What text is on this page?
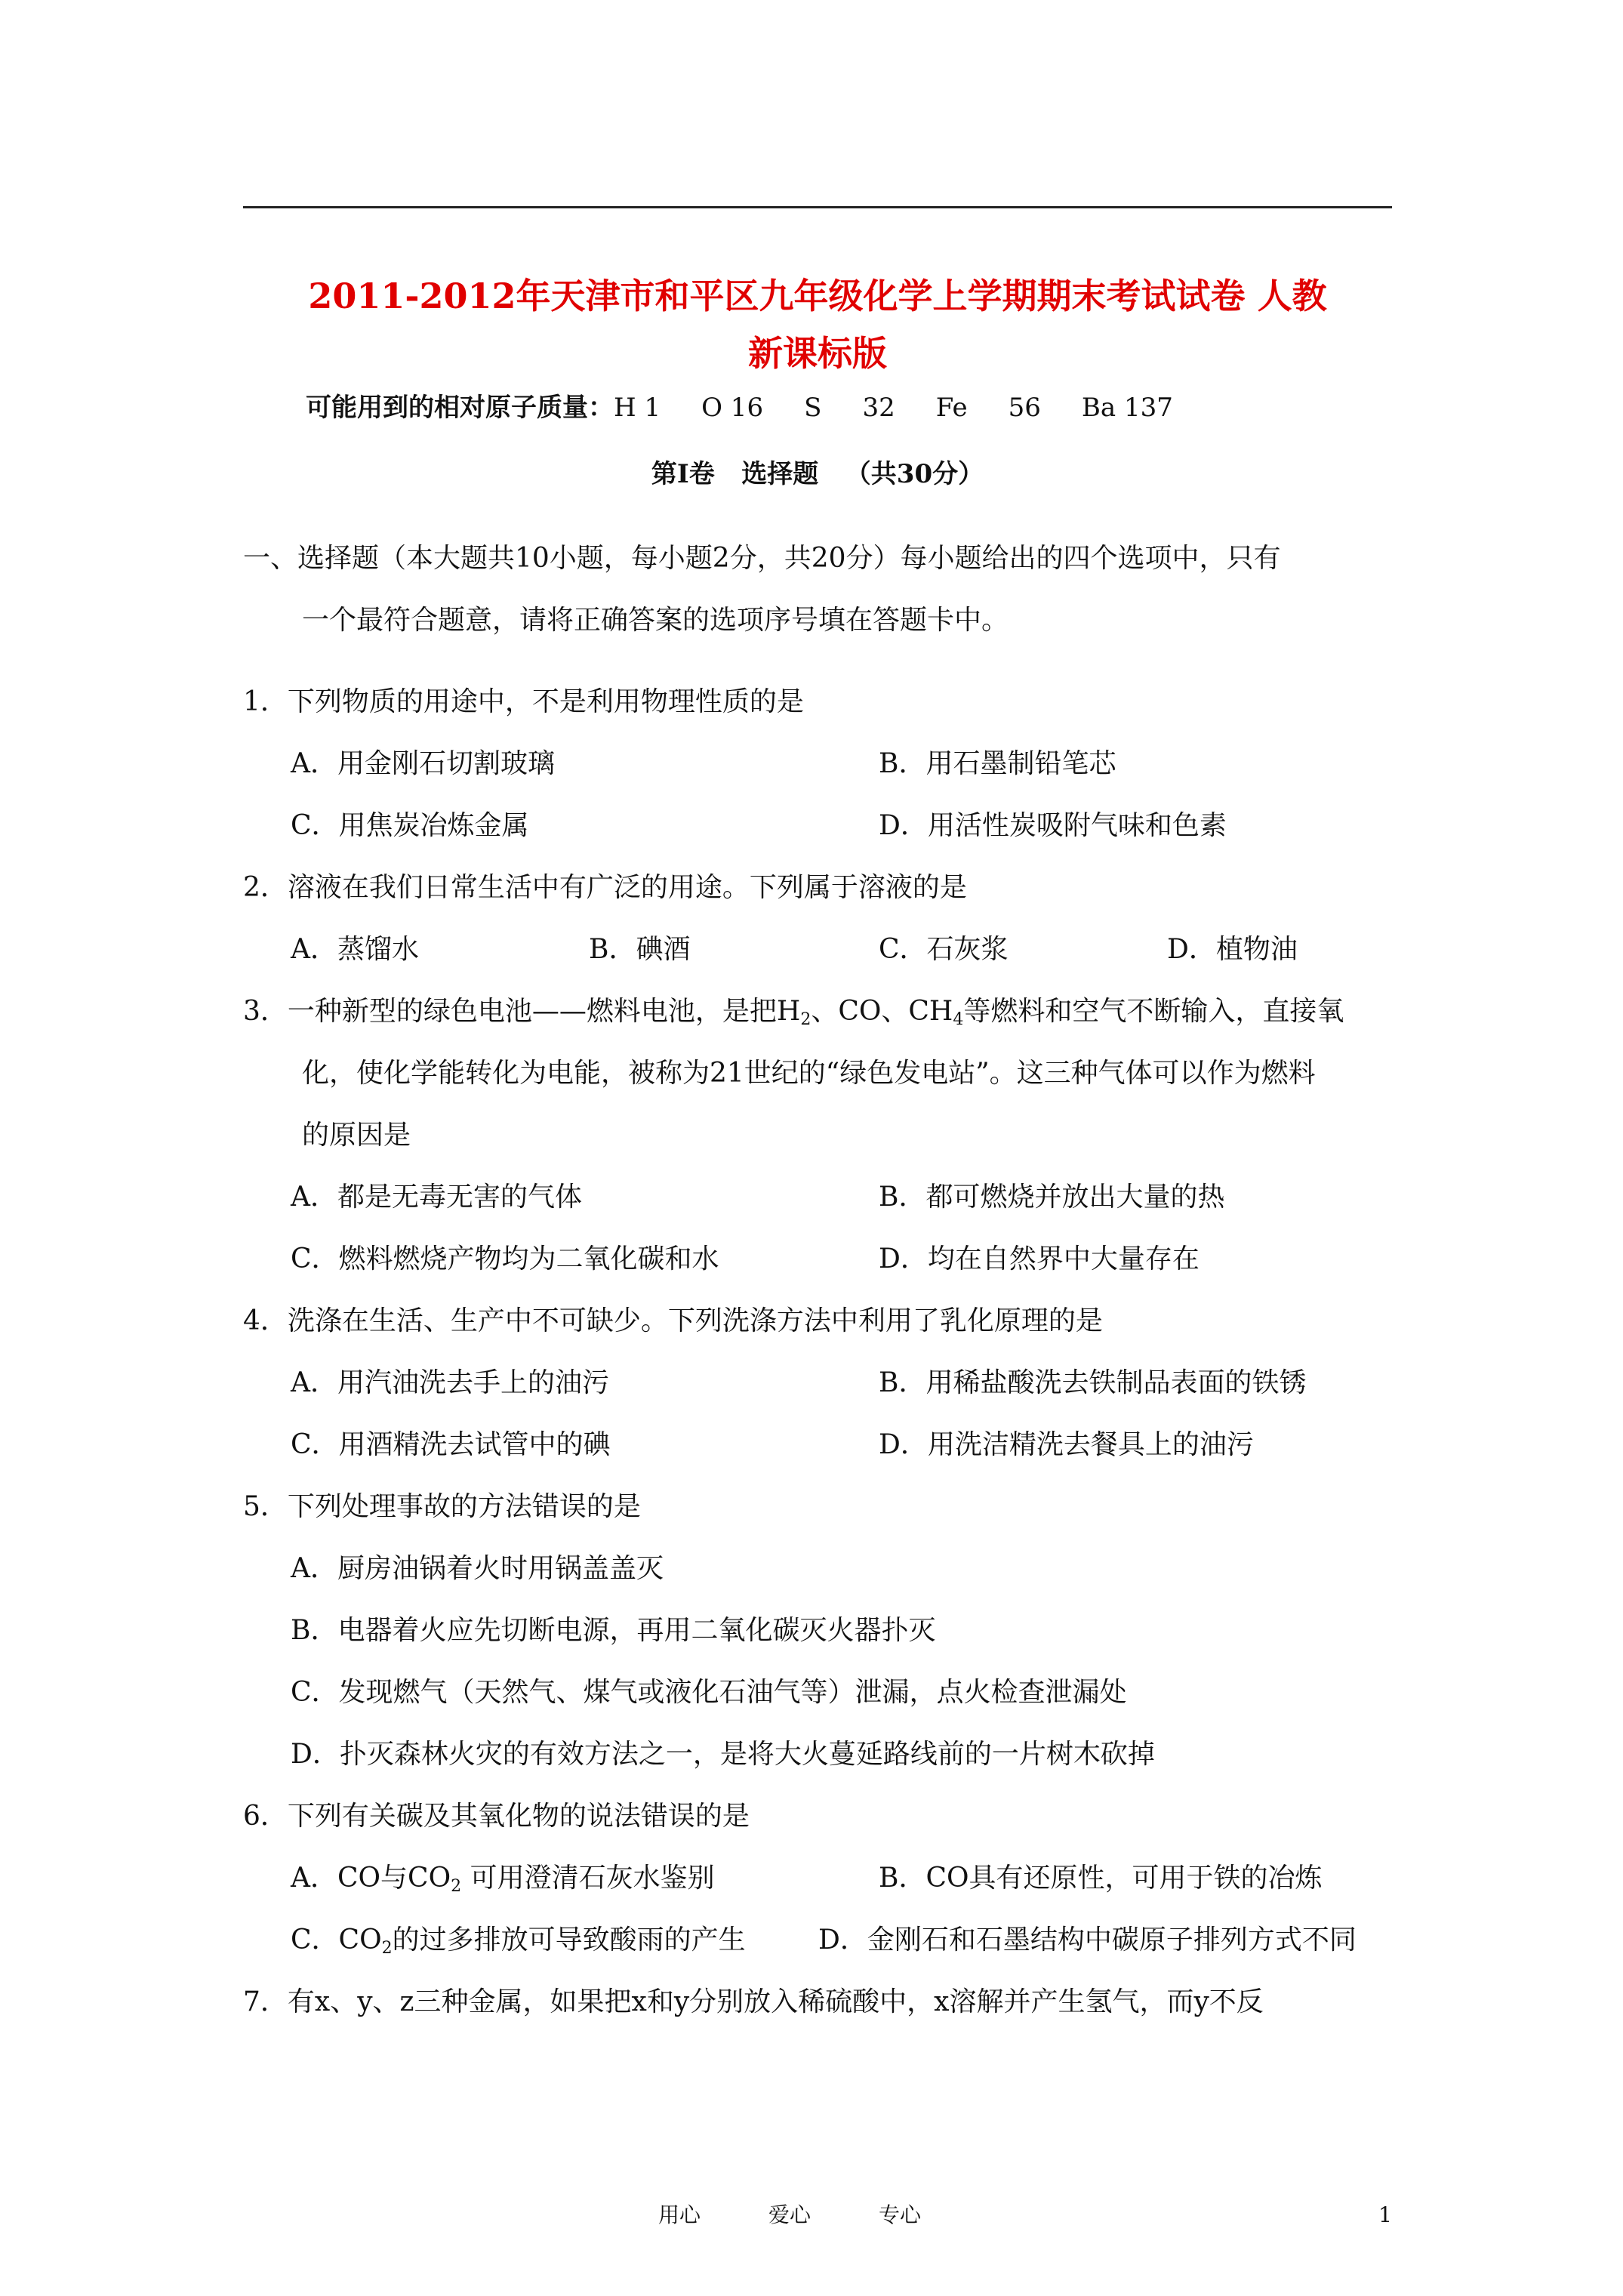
2011-2012年天津市和平区九年级化学上学期期末考试试卷 人教
新课标版
可能用到的相对原子质量：H 1     O 16     S     32     Fe     56     Ba 137
第Ⅰ卷   选择题   （共30分）
一、选择题（本大题共10小题，每小题2分，共20分）每小题给出的四个选项中，只有
一个最符合题意，请将正确答案的选项序号填在答题卡中。
1．下列物质的用途中，不是利用物理性质的是
A．用金刚石切割玻璃	B．用石墨制铅笔芯
C．用焦炭冶炼金属	D．用活性炭吸附气味和色素
2．溶液在我们日常生活中有广泛的用途。下列属于溶液的是
A．蒸馏水	B．碘酒	C．石灰浆	D．植物油
3．一种新型的绿色电池——燃料电池，是把$H_2$、CO、$CH_4$等燃料和空气不断输入，直接氧
化，使化学能转化为电能，被称为21世纪的“绿色发电站”。这三种气体可以作为燃料
的原因是
A．都是无毒无害的气体	B．都可燃烧并放出大量的热
C．燃料燃烧产物均为二氧化碳和水	D．均在自然界中大量存在
4．洗涤在生活、生产中不可缺少。下列洗涤方法中利用了乳化原理的是
A．用汽油洗去手上的油污	B．用稀盐酸洗去铁制品表面的铁锈
C．用酒精洗去试管中的碘	D．用洗洁精洗去餐具上的油污
5．下列处理事故的方法错误的是
A．厨房油锅着火时用锅盖盖灭
B．电器着火应先切断电源，再用二氧化碳灭火器扑灭
C．发现燃气（天然气、煤气或液化石油气等）泄漏，点火检查泄漏处
D．扑灭森林火灾的有效方法之一，是将大火蔓延路线前的一片树木砍掉
6．下列有关碳及其氧化物的说法错误的是
A．CO与$CO_2$ 可用澄清石灰水鉴别	B．CO具有还原性，可用于铁的冶炼
C．$CO_2$的过多排放可导致酸雨的产生	D．金刚石和石墨结构中碳原子排列方式不同
7．有x、y、z三种金属，如果把x和y分别放入稀硫酸中，x溶解并产生氢气，而y不反
用心	爱心	专心	1
